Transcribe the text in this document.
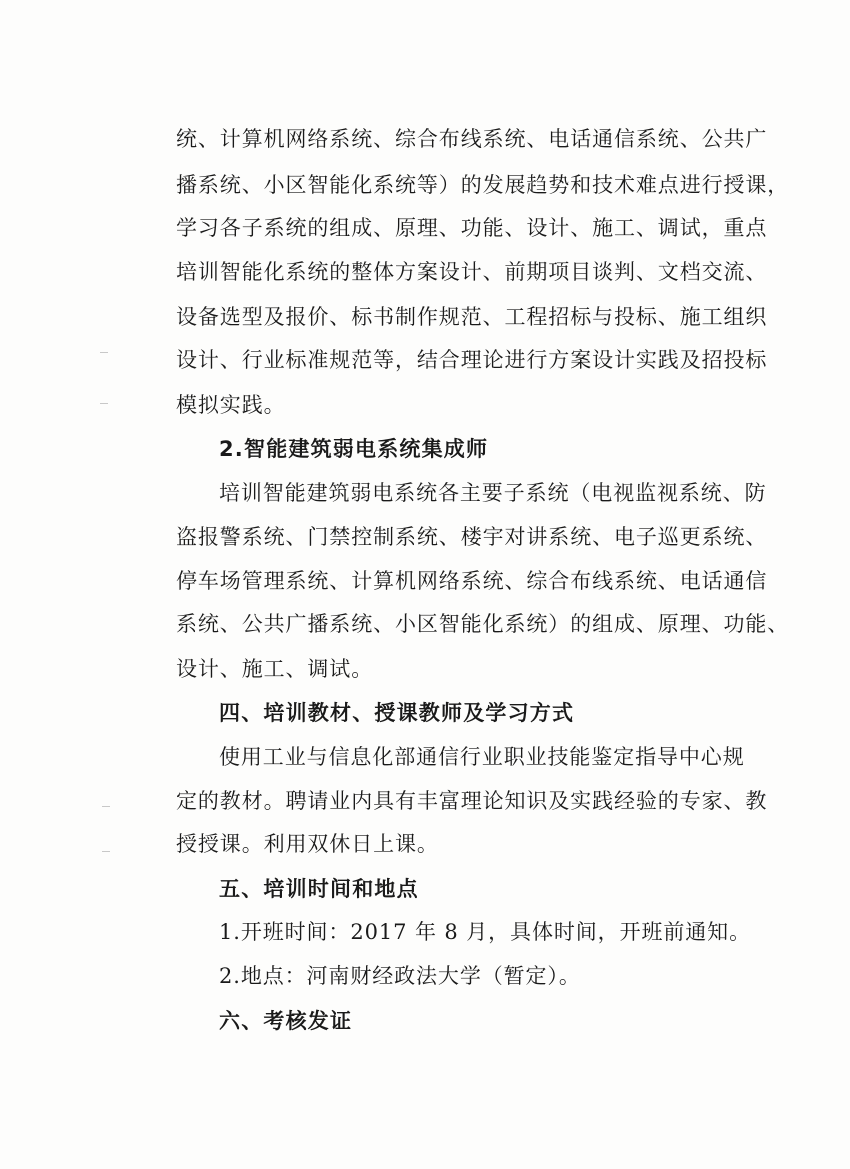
统、计算机网络系统、综合布线系统、电话通信系统、公共广
播系统、小区智能化系统等）的发展趋势和技术难点进行授课，
学习各子系统的组成、原理、功能、设计、施工、调试，重点
培训智能化系统的整体方案设计、前期项目谈判、文档交流、
设备选型及报价、标书制作规范、工程招标与投标、施工组织
设计、行业标准规范等，结合理论进行方案设计实践及招投标
模拟实践。
2.智能建筑弱电系统集成师
培训智能建筑弱电系统各主要子系统（电视监视系统、防
盗报警系统、门禁控制系统、楼宇对讲系统、电子巡更系统、
停车场管理系统、计算机网络系统、综合布线系统、电话通信
系统、公共广播系统、小区智能化系统）的组成、原理、功能、
设计、施工、调试。
四、培训教材、授课教师及学习方式
使用工业与信息化部通信行业职业技能鉴定指导中心规
定的教材。聘请业内具有丰富理论知识及实践经验的专家、教
授授课。利用双休日上课。
五、培训时间和地点
1.开班时间：2017 年 8 月，具体时间，开班前通知。
2.地点：河南财经政法大学（暂定）。
六、考核发证
